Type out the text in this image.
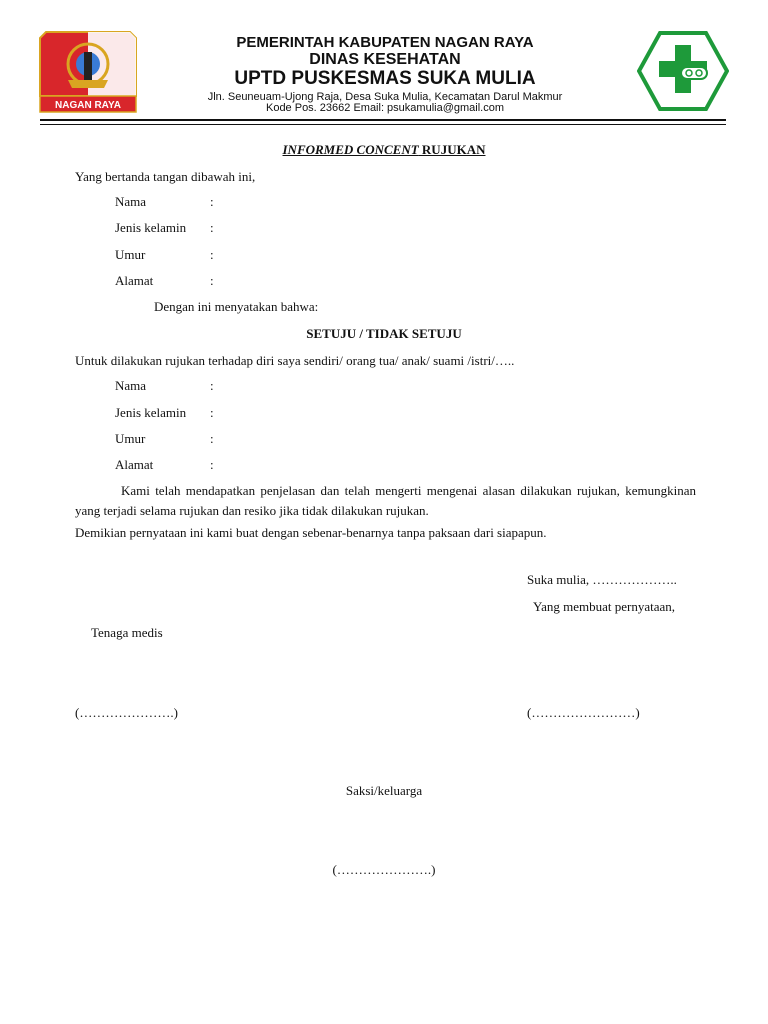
NAGAN RAYA
PEMERINTAH KABUPATEN NAGAN RAYA
DINAS KESEHATAN
UPTD PUSKESMAS SUKA MULIA
Jln. Seuneuam-Ujong Raja, Desa Suka Mulia, Kecamatan Darul Makmur
Kode Pos. 23662 Email: psukamulia@gmail.com
INFORMED CONCENT RUJUKAN
Yang bertanda tangan dibawah ini,
Nama	:
Jenis kelamin :
Umur	:
Alamat	:
Dengan ini menyatakan bahwa:
SETUJU / TIDAK SETUJU
Untuk dilakukan rujukan terhadap diri saya sendiri/ orang tua/ anak/ suami /istri/…..
Nama	:
Jenis kelamin :
Umur	:
Alamat	:
Kami telah mendapatkan penjelasan dan telah mengerti mengenai alasan dilakukan rujukan, kemungkinan yang terjadi selama rujukan dan resiko jika tidak dilakukan rujukan.
Demikian pernyataan ini kami buat dengan sebenar-benarnya tanpa paksaan dari siapapun.
Suka mulia, ………………..
Yang membuat pernyataan,
Tenaga medis
(………………….)	(……………………)
Saksi/keluarga
(………………….)
